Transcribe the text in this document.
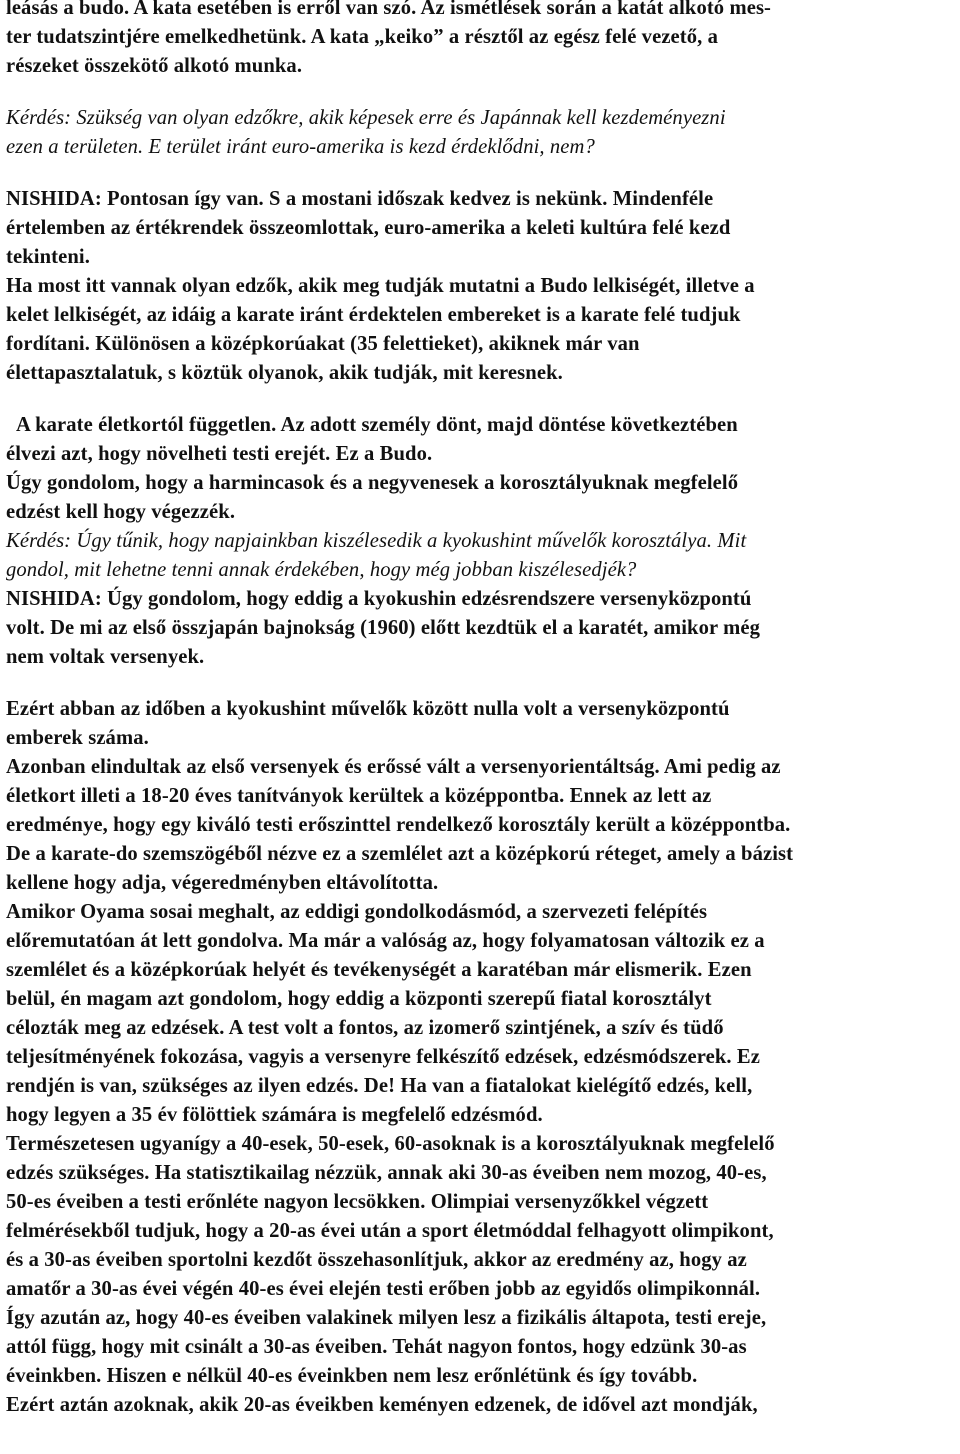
leásás a budo. A kata esetében is erről van szó. Az ismétlések során a katát alkotó mes-
ter tudatszintjére emelkedhetünk. A kata „keiko” a résztől az egész felé vezető, a
részeket összekötő alkotó munka.
Kérdés: Szükség van olyan edzőkre, akik képesek erre és Japánnak kell kezdeményezni
ezen a területen. E terület iránt euro-amerika is kezd érdeklődni, nem?
NISHIDA: Pontosan így van. S a mostani időszak kedvez is nekünk. Mindenféle
értelemben az értékrendek összeomlottak, euro-amerika a keleti kultúra felé kezd
tekinteni.
Ha most itt vannak olyan edzők, akik meg tudják mutatni a Budo lelkiségét, illetve a
kelet lelkiségét, az idáig a karate iránt érdektelen embereket is a karate felé tudjuk
fordítani. Különösen a középkorúakat (35 felettieket), akiknek már van
élettapasztalatuk, s köztük olyanok, akik tudják, mit keresnek.
A karate életkortól független. Az adott személy dönt, majd döntése következtében
élvezi azt, hogy növelheti testi erejét. Ez a Budo.
Úgy gondolom, hogy a harmincasok és a negyvenesek a korosztályuknak megfelelő
edzést kell hogy végezzék.
Kérdés: Úgy tűnik, hogy napjainkban kiszélesedik a kyokushint művelők korosztálya. Mit
gondol, mit lehetne tenni annak érdekében, hogy még jobban kiszélesedjék?
NISHIDA: Úgy gondolom, hogy eddig a kyokushin edzésrendszere versenyközpontú
volt. De mi az első összjapán bajnokság (1960) előtt kezdtük el a karatét, amikor még
nem voltak versenyek.
Ezért abban az időben a kyokushint művelők között nulla volt a versenyközpontú
emberek száma.
Azonban elindultak az első versenyek és erőssé vált a versenyorientáltság. Ami pedig az
életkort illeti a 18-20 éves tanítványok kerültek a középpontba. Ennek az lett az
eredménye, hogy egy kiváló testi erőszinttel rendelkező korosztály került a középpontba.
De a karate-do szemszögéből nézve ez a szemlélet azt a középkorú réteget, amely a bázist
kellene hogy adja, végeredményben eltávolította.
Amikor Oyama sosai meghalt, az eddigi gondolkodásmód, a szervezeti felépítés
előremutatóan át lett gondolva. Ma már a valóság az, hogy folyamatosan változik ez a
szemlélet és a középkorúak helyét és tevékenységét a karatéban már elismerik. Ezen
belül, én magam azt gondolom, hogy eddig a központi szerepű fiatal korosztályt
célozták meg az edzések. A test volt a fontos, az izomerő szintjének, a szív és tüdő
teljesítményének fokozása, vagyis a versenyre felkészítő edzések, edzésmódszerek. Ez
rendjén is van, szükséges az ilyen edzés. De! Ha van a fiatalokat kielégítő edzés, kell,
hogy legyen a 35 év fölöttiek számára is megfelelő edzésmód.
Természetesen ugyanígy a 40-esek, 50-esek, 60-asoknak is a korosztályuknak megfelelő
edzés szükséges. Ha statisztikailag nézzük, annak aki 30-as éveiben nem mozog, 40-es,
50-es éveiben a testi erőnléte nagyon lecsökken. Olimpiai versenyzőkkel végzett
felmérésekből tudjuk, hogy a 20-as évei után a sport életmóddal felhagyott olimpikont,
és a 30-as éveiben sportolni kezdőt összehasonlítjuk, akkor az eredmény az, hogy az
amatőr a 30-as évei végén 40-es évei elején testi erőben jobb az egyidős olimpikonnál.
Így azután az, hogy 40-es éveiben valakinek milyen lesz a fizikális áltapota, testi ereje,
attól függ, hogy mit csinált a 30-as éveiben. Tehát nagyon fontos, hogy edzünk 30-as
éveinkben. Hiszen e nélkül 40-es éveinkben nem lesz erőnlétünk és így tovább.
Ezért aztán azoknak, akik 20-as éveikben keményen edzenek, de idővel azt mondják,
